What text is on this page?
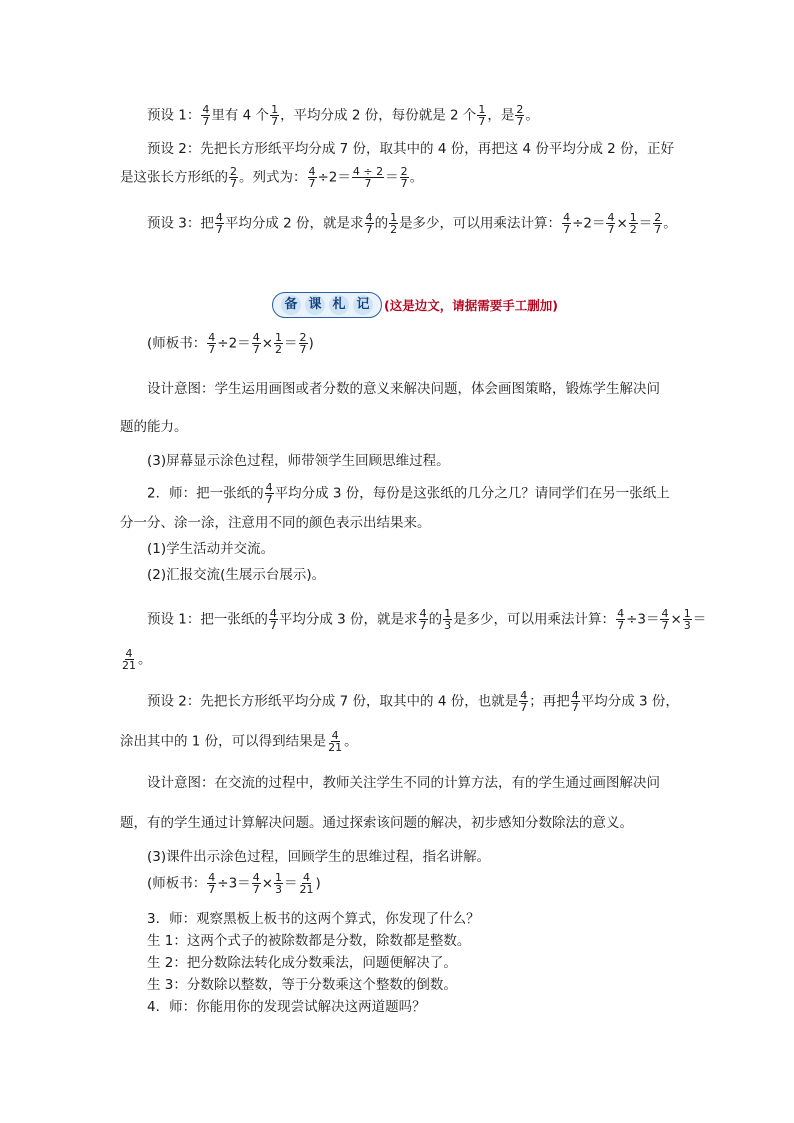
预设 1： $\frac{4}{7}$ 里有 4 个 $\frac{1}{7}$ ，平均分成 2 份，每份就是 2 个 $\frac{1}{7}$ ，是 $\frac{2}{7}$ 。
预设 2：先把长方形纸平均分成 7 份，取其中的 4 份，再把这 4 份平均分成 2 份，正好
是这张长方形纸的 $\frac{2}{7}$ 。列式为： $\frac{4}{7} \div 2= \frac{4 \div 2}{7} = \frac{2}{7}$ 。
预设 3：把 $\frac{4}{7}$ 平均分成 2 份，就是求 $\frac{4}{7}$ 的 $\frac{1}{2}$ 是多少，可以用乘法计算： $\frac{4}{7} \div 2= \frac{4}{7} \times \frac{1}{2} = \frac{2}{7}$ 。
备 课 札 记 (这是边文，请据需要手工删加)
(师板书： $\frac{4}{7} \div 2= \frac{4}{7} \times \frac{1}{2} = \frac{2}{7}$ )
设计意图：学生运用画图或者分数的意义来解决问题，体会画图策略，锻炼学生解决问
题的能力。
(3)屏幕显示涂色过程，师带领学生回顾思维过程。
2．师：把一张纸的 $\frac{4}{7}$ 平均分成 3 份，每份是这张纸的几分之几？请同学们在另一张纸上
分一分、涂一涂，注意用不同的颜色表示出结果来。
(1)学生活动并交流。
(2)汇报交流(生展示台展示)。
预设 1：把一张纸的 $\frac{4}{7}$ 平均分成 3 份，就是求 $\frac{4}{7}$ 的 $\frac{1}{3}$ 是多少，可以用乘法计算： $\frac{4}{7} \div 3= \frac{4}{7} \times \frac{1}{3}$ ＝
$\frac{4}{21}$ 。
预设 2：先把长方形纸平均分成 7 份，取其中的 4 份，也就是 $\frac{4}{7}$ ；再把 $\frac{4}{7}$ 平均分成 3 份，
涂出其中的 1 份，可以得到结果是 $\frac{4}{21}$ 。
设计意图：在交流的过程中，教师关注学生不同的计算方法，有的学生通过画图解决问
题，有的学生通过计算解决问题。通过探索该问题的解决，初步感知分数除法的意义。
(3)课件出示涂色过程，回顾学生的思维过程，指名讲解。
(师板书： $\frac{4}{7} \div 3= \frac{4}{7} \times \frac{1}{3} = \frac{4}{21}$ )
3．师：观察黑板上板书的这两个算式，你发现了什么？
生 1：这两个式子的被除数都是分数，除数都是整数。
生 2：把分数除法转化成分数乘法，问题便解决了。
生 3：分数除以整数，等于分数乘这个整数的倒数。
4．师：你能用你的发现尝试解决这两道题吗？
